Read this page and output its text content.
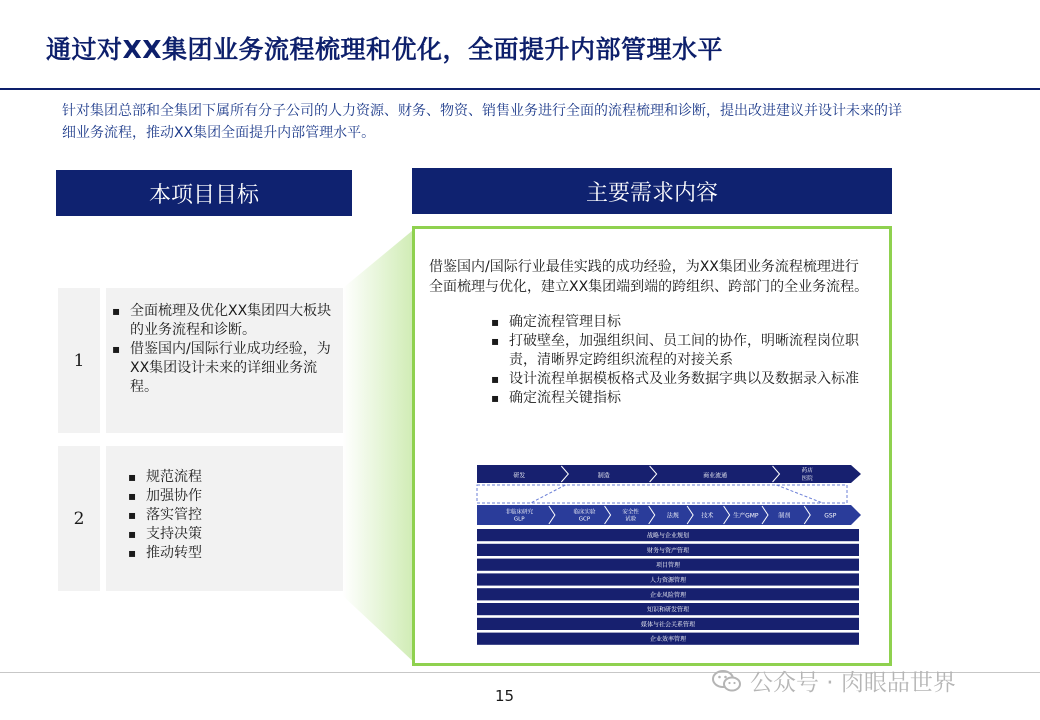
通过对XX集团业务流程梳理和优化，全面提升内部管理水平
针对集团总部和全集团下属所有分子公司的人力资源、财务、物资、销售业务进行全面的流程梳理和诊断，提出改进建议并设计未来的详细业务流程，推动XX集团全面提升内部管理水平。
本项目目标	主要需求内容
1
▪ 全面梳理及优化XX集团四大板块的业务流程和诊断。
▪ 借鉴国内/国际行业成功经验，为XX集团设计未来的详细业务流程。
2
▪ 规范流程
▪ 加强协作
▪ 落实管控
▪ 支持决策
▪ 推动转型
借鉴国内/国际行业最佳实践的成功经验，为XX集团业务流程梳理进行全面梳理与优化，建立XX集团端到端的跨组织、跨部门的全业务流程。
▪ 确定流程管理目标
▪ 打破壁垒，加强组织间、员工间的协作，明晰流程岗位职责，清晰界定跨组织流程的对接关系
▪ 设计流程单据模板格式及业务数据字典以及数据录入标准
▪ 确定流程关键指标
研发	制造	商业流通
药店
医院
非临床研究
GLP
临床实验
GCP
安全性
试验	法规	技术	生产GMP	制剂	GSP
战略与企业规划
财务与资产管理
项目管理
人力资源管理
企业风险管理
知识和研发管理
媒体与社会关系管理
企业效率管理
15	公众号 · 肉眼品世界
